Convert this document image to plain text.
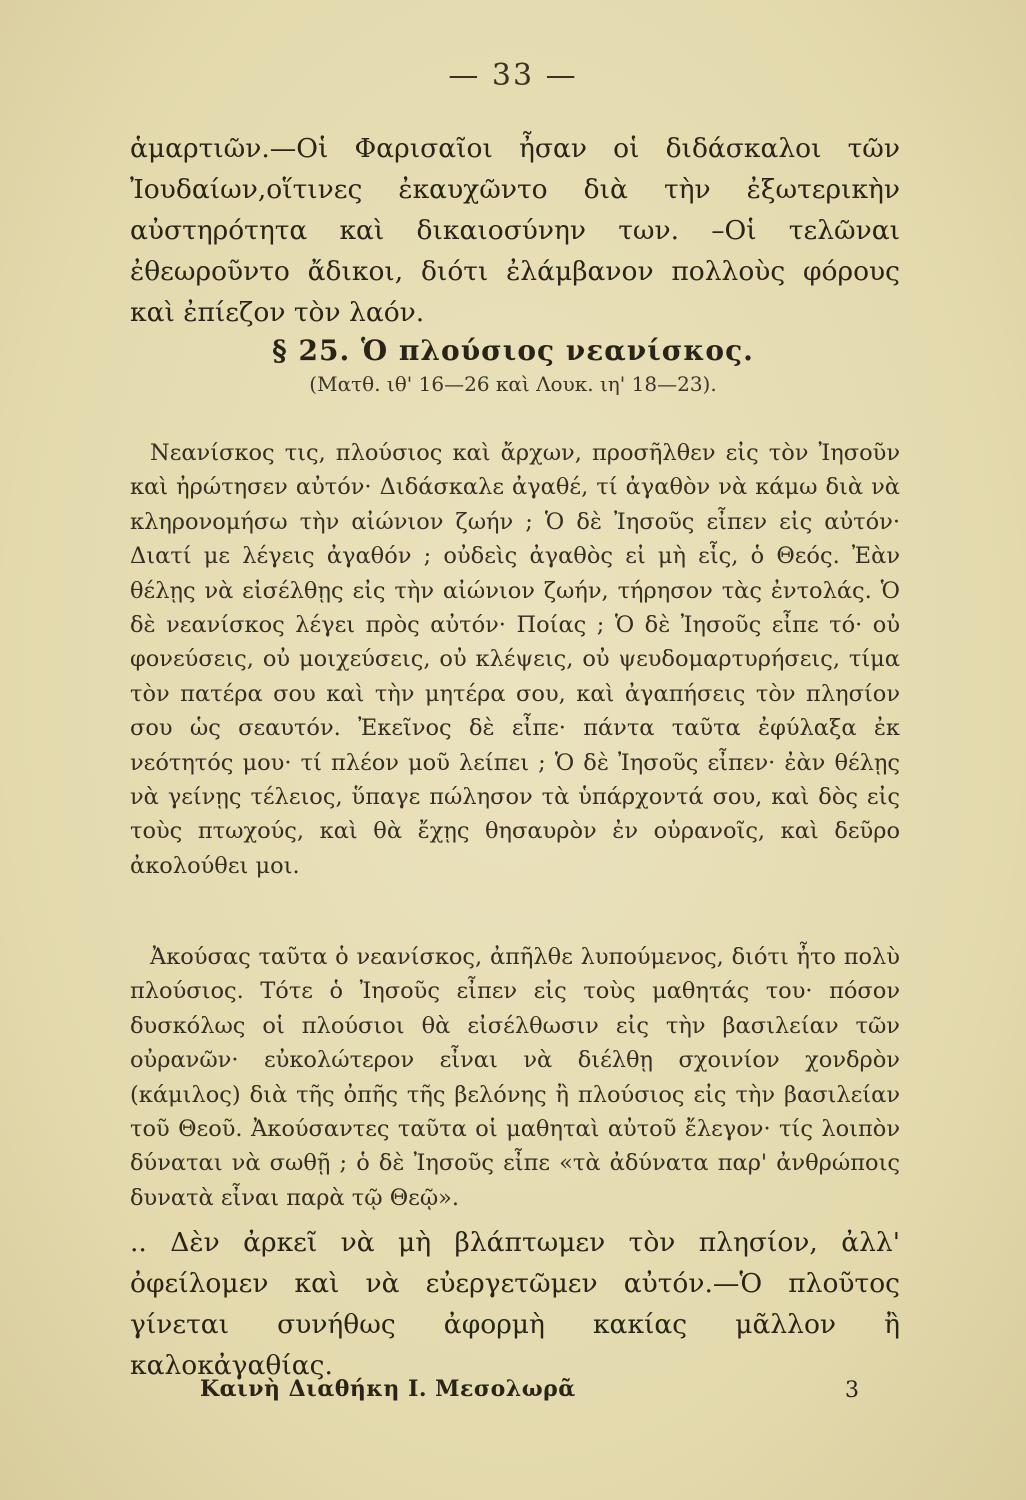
— 33 —

ἁμαρτιῶν.—Οἱ Φαρισαῖοι ἦσαν οἱ διδάσκαλοι τῶν Ἰουδαίων,οἵτινες ἐκαυχῶντο διὰ τὴν ἐξωτερικὴν αὐστηρότητα καὶ δικαιοσύνην των. –Οἱ τελῶναι ἐθεωροῦντο ἄδικοι, διότι ἐλάμβανον πολλοὺς φόρους καὶ ἐπίεζον τὸν λαόν.

§ 25. Ὁ πλούσιος νεανίσκος.

(Ματθ. ιθ' 16—26 καὶ Λουκ. ιη' 18—23).

Νεανίσκος τις, πλούσιος καὶ ἄρχων, προσῆλθεν εἰς τὸν Ἰησοῦν καὶ ἠρώτησεν αὐτόν· Διδάσκαλε ἀγαθέ, τί ἀγαθὸν νὰ κάμω διὰ νὰ κληρονομήσω τὴν αἰώνιον ζωήν ; Ὁ δὲ Ἰησοῦς εἶπεν εἰς αὐτόν· Διατί με λέγεις ἀγαθόν ; οὐδεὶς ἀγαθὸς εἰ μὴ εἷς, ὁ Θεός. Ἐὰν θέλῃς νὰ εἰσέλθῃς εἰς τὴν αἰώνιον ζωήν, τήρησον τὰς ἐντολάς. Ὁ δὲ νεανίσκος λέγει πρὸς αὐτόν· Ποίας ; Ὁ δὲ Ἰησοῦς εἶπε τό· οὐ φονεύσεις, οὐ μοιχεύσεις, οὐ κλέψεις, οὐ ψευδομαρτυρήσεις, τίμα τὸν πατέρα σου καὶ τὴν μητέρα σου, καὶ ἀγαπήσεις τὸν πλησίον σου ὡς σεαυτόν. Ἐκεῖνος δὲ εἶπε· πάντα ταῦτα ἐφύλαξα ἐκ νεότητός μου· τί πλέον μοῦ λείπει ; Ὁ δὲ Ἰησοῦς εἶπεν· ἐὰν θέλῃς νὰ γείνῃς τέλειος, ὕπαγε πώλησον τὰ ὑπάρχοντά σου, καὶ δὸς εἰς τοὺς πτωχούς, καὶ θὰ ἔχῃς θησαυρὸν ἐν οὐρανοῖς, καὶ δεῦρο ἀκολούθει μοι.

Ἀκούσας ταῦτα ὁ νεανίσκος, ἀπῆλθε λυπούμενος, διότι ἦτο πολὺ πλούσιος. Τότε ὁ Ἰησοῦς εἶπεν εἰς τοὺς μαθητάς του· πόσον δυσκόλως οἱ πλούσιοι θὰ εἰσέλθωσιν εἰς τὴν βασιλείαν τῶν οὐρανῶν· εὐκολώτερον εἶναι νὰ διέλθῃ σχοινίον χονδρὸν (κάμιλος) διὰ τῆς ὀπῆς τῆς βελόνης ἢ πλούσιος εἰς τὴν βασιλείαν τοῦ Θεοῦ. Ἀκούσαντες ταῦτα οἱ μαθηταὶ αὐτοῦ ἔλεγον· τίς λοιπὸν δύναται νὰ σωθῇ ; ὁ δὲ Ἰησοῦς εἶπε «τὰ ἀδύνατα παρ' ἀνθρώποις δυνατὰ εἶναι παρὰ τῷ Θεῷ».

.. Δὲν ἀρκεῖ νὰ μὴ βλάπτωμεν τὸν πλησίον, ἀλλ' ὀφείλομεν καὶ νὰ εὐεργετῶμεν αὐτόν.—Ὁ πλοῦτος γίνεται συνήθως ἀφορμὴ κακίας μᾶλλον ἢ καλοκἀγαθίας.

Καινὴ Διαθήκη Ι. Μεσολωρᾶ	3
